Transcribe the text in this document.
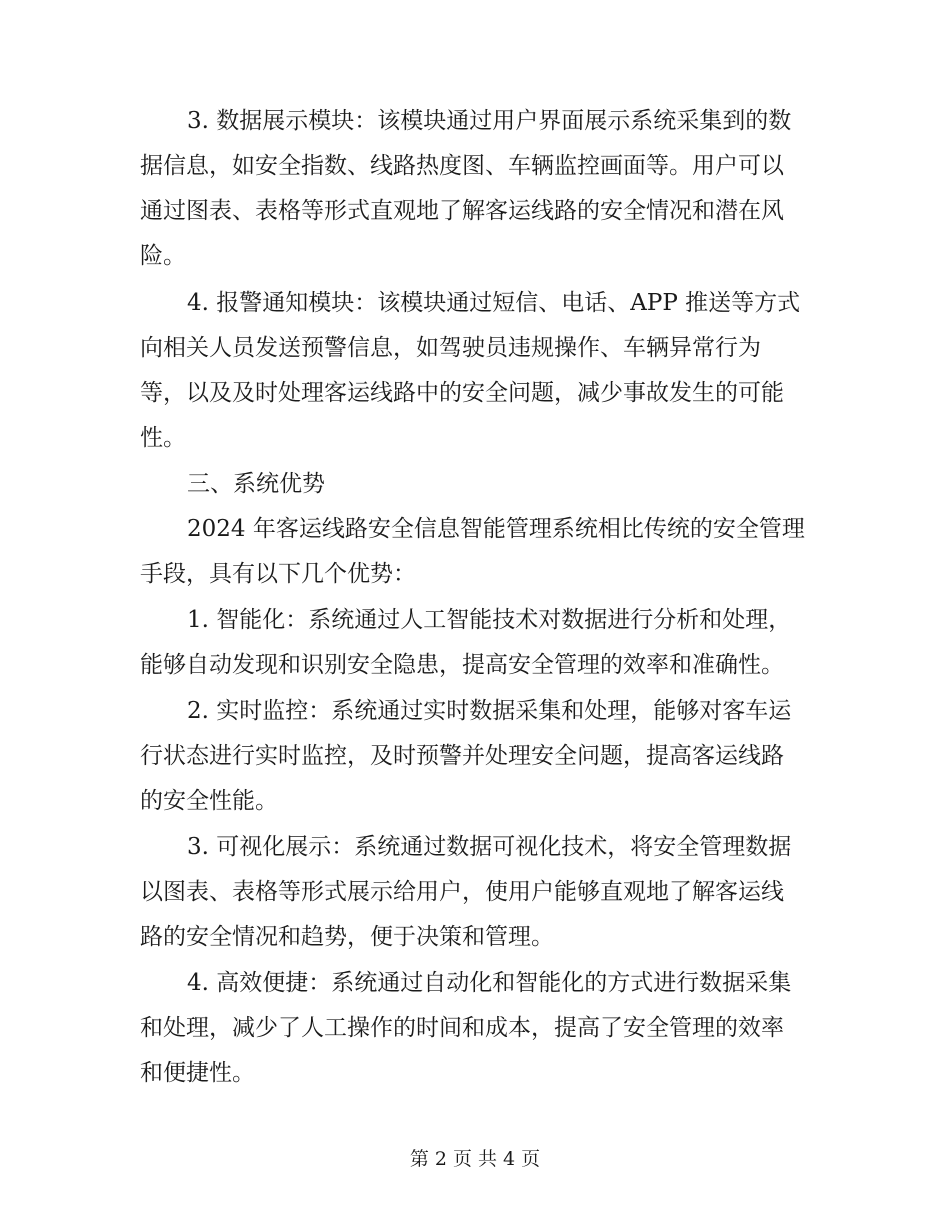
3. 数据展示模块：该模块通过用户界面展示系统采集到的数
据信息，如安全指数、线路热度图、车辆监控画面等。用户可以
通过图表、表格等形式直观地了解客运线路的安全情况和潜在风
险。
4. 报警通知模块：该模块通过短信、电话、APP 推送等方式
向相关人员发送预警信息，如驾驶员违规操作、车辆异常行为
等，以及及时处理客运线路中的安全问题，减少事故发生的可能
性。
三、系统优势
2024 年客运线路安全信息智能管理系统相比传统的安全管理
手段，具有以下几个优势：
1. 智能化：系统通过人工智能技术对数据进行分析和处理，
能够自动发现和识别安全隐患，提高安全管理的效率和准确性。
2. 实时监控：系统通过实时数据采集和处理，能够对客车运
行状态进行实时监控，及时预警并处理安全问题，提高客运线路
的安全性能。
3. 可视化展示：系统通过数据可视化技术，将安全管理数据
以图表、表格等形式展示给用户，使用户能够直观地了解客运线
路的安全情况和趋势，便于决策和管理。
4. 高效便捷：系统通过自动化和智能化的方式进行数据采集
和处理，减少了人工操作的时间和成本，提高了安全管理的效率
和便捷性。
第 2 页 共 4 页
